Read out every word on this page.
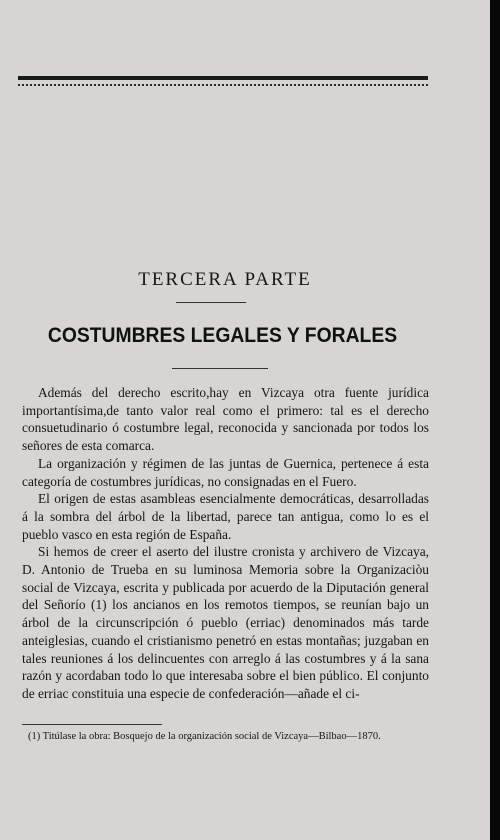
TERCERA PARTE
COSTUMBRES LEGALES Y FORALES

Además del derecho escrito,hay en Vizcaya otra fuente jurídica importantísima,de tanto valor real como el primero: tal es el derecho consuetudinario ó costumbre legal, reconocida y sancionada por todos los señores de esta comarca.

La organización y régimen de las juntas de Guernica, pertenece á esta categoría de costumbres jurídicas, no consignadas en el Fuero.

El origen de estas asambleas esencialmente democráticas, desarrolladas á la sombra del árbol de la libertad, parece tan antigua, como lo es el pueblo vasco en esta región de España.

Si hemos de creer el aserto del ilustre cronista y archivero de Vizcaya, D. Antonio de Trueba en su luminosa Memoria sobre la Organizaciòu social de Vizcaya, escrita y publicada por acuerdo de la Diputación general del Señorío (1) los ancianos en los remotos tiempos, se reunían bajo un árbol de la circunscripción ó pueblo (erriac) denominados más tarde anteiglesias, cuando el cristianismo penetró en estas montañas; juzgaban en tales reuniones á los delincuentes con arreglo á las costumbres y á la sana razón y acordaban todo lo que interesaba sobre el bien público. El conjunto de erriac constituia una especie de confederación—añade el ci-

(1) Titúlase la obra: Bosquejo de la organización social de Vizcaya—Bilbao—1870.
